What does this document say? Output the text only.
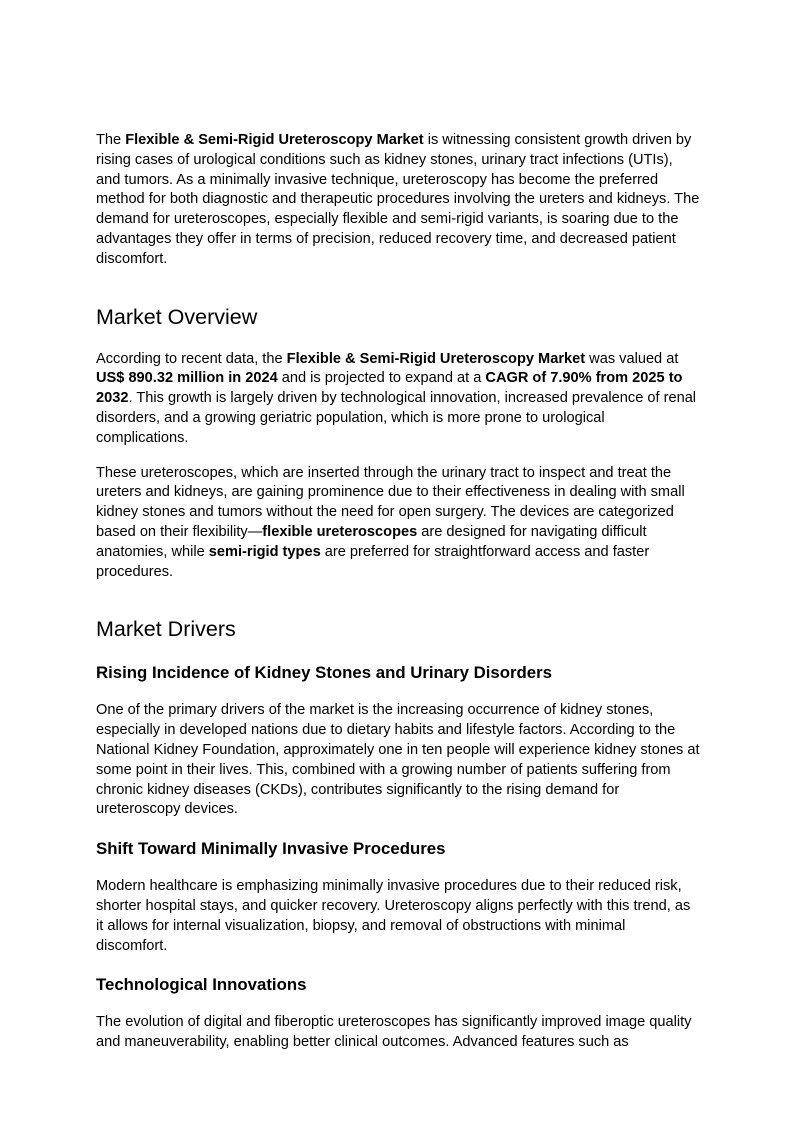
The Flexible & Semi-Rigid Ureteroscopy Market is witnessing consistent growth driven by rising cases of urological conditions such as kidney stones, urinary tract infections (UTIs), and tumors. As a minimally invasive technique, ureteroscopy has become the preferred method for both diagnostic and therapeutic procedures involving the ureters and kidneys. The demand for ureteroscopes, especially flexible and semi-rigid variants, is soaring due to the advantages they offer in terms of precision, reduced recovery time, and decreased patient discomfort.

Market Overview

According to recent data, the Flexible & Semi-Rigid Ureteroscopy Market was valued at US$ 890.32 million in 2024 and is projected to expand at a CAGR of 7.90% from 2025 to 2032. This growth is largely driven by technological innovation, increased prevalence of renal disorders, and a growing geriatric population, which is more prone to urological complications.

These ureteroscopes, which are inserted through the urinary tract to inspect and treat the ureters and kidneys, are gaining prominence due to their effectiveness in dealing with small kidney stones and tumors without the need for open surgery. The devices are categorized based on their flexibility—flexible ureteroscopes are designed for navigating difficult anatomies, while semi-rigid types are preferred for straightforward access and faster procedures.

Market Drivers
Rising Incidence of Kidney Stones and Urinary Disorders

One of the primary drivers of the market is the increasing occurrence of kidney stones, especially in developed nations due to dietary habits and lifestyle factors. According to the National Kidney Foundation, approximately one in ten people will experience kidney stones at some point in their lives. This, combined with a growing number of patients suffering from chronic kidney diseases (CKDs), contributes significantly to the rising demand for ureteroscopy devices.

Shift Toward Minimally Invasive Procedures

Modern healthcare is emphasizing minimally invasive procedures due to their reduced risk, shorter hospital stays, and quicker recovery. Ureteroscopy aligns perfectly with this trend, as it allows for internal visualization, biopsy, and removal of obstructions with minimal discomfort.

Technological Innovations

The evolution of digital and fiberoptic ureteroscopes has significantly improved image quality and maneuverability, enabling better clinical outcomes. Advanced features such as
